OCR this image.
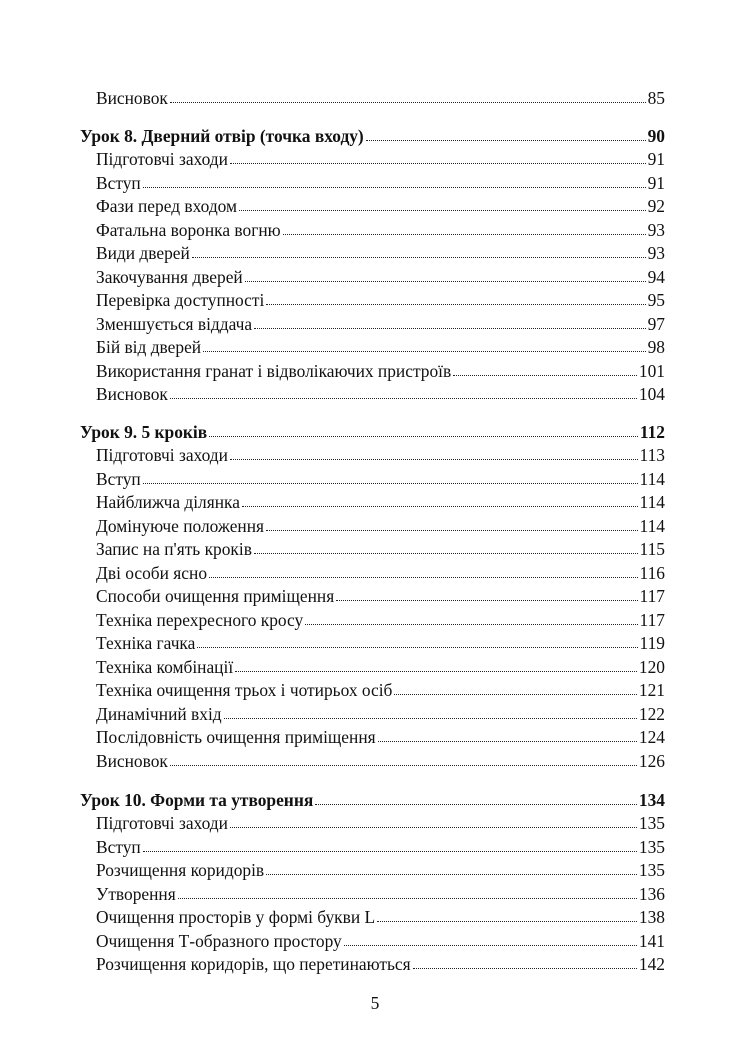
Висновок	85
Урок 8. Дверний отвір (точка входу)	90
Підготовчі заходи	91
Вступ	91
Фази перед входом	92
Фатальна воронка вогню	93
Види дверей	93
Закочування дверей	94
Перевірка доступності	95
Зменшується віддача	97
Бій від дверей	98
Використання гранат і відволікаючих пристроїв	101
Висновок	104
Урок 9. 5 кроків	112
Підготовчі заходи	113
Вступ	114
Найближча ділянка	114
Домінуюче положення	114
Запис на п'ять кроків	115
Дві особи ясно	116
Способи очищення приміщення	117
Техніка перехресного кросу	117
Техніка гачка	119
Техніка комбінації	120
Техніка очищення трьох і чотирьох осіб	121
Динамічний вхід	122
Послідовність очищення приміщення	124
Висновок	126
Урок 10. Форми та утворення	134
Підготовчі заходи	135
Вступ	135
Розчищення коридорів	135
Утворення	136
Очищення просторів у формі букви L	138
Очищення Т-образного простору	141
Розчищення коридорів, що перетинаються	142
5
